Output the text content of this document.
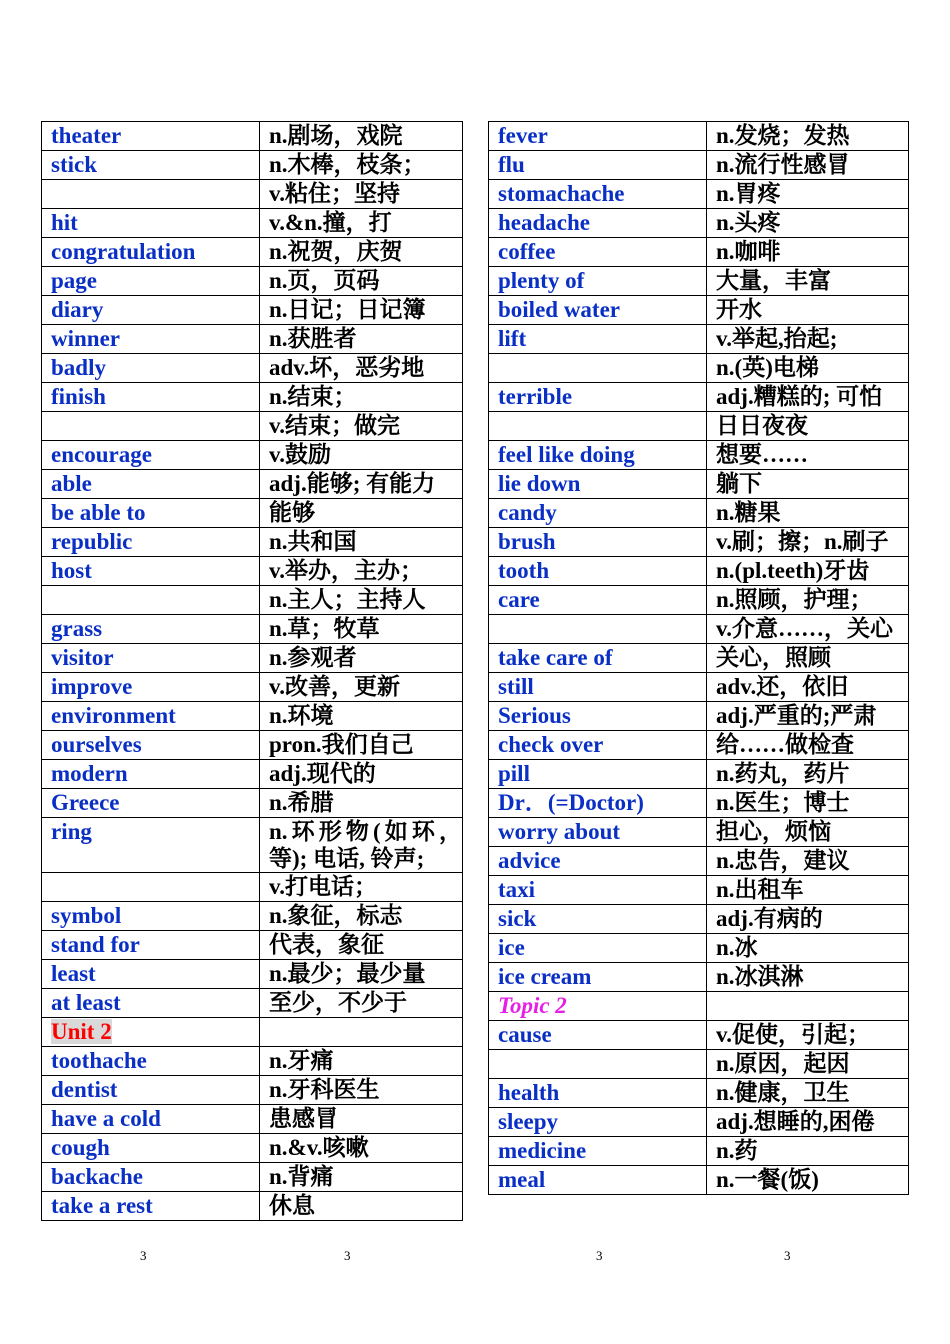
theater	n.剧场，戏院
stick	n.木棒，枝条；
	v.粘住；坚持
hit	v.&n.撞，打
congratulation	n.祝贺，庆贺
page	n.页，页码
diary	n.日记；日记簿
winner	n.获胜者
badly	adv.坏，恶劣地
finish	n.结束；
	v.结束；做完
encourage	v.鼓励
able	adj.能够; 有能力
be able to	能够
republic	n.共和国
host	v.举办，主办；
	n.主人；主持人
grass	n.草；牧草
visitor	n.参观者
improve	v.改善，更新
environment	n.环境
ourselves	pron.我们自己
modern	adj.现代的
Greece	n.希腊
ring	n.环形物(如环，等); 电话, 铃声;
	v.打电话；
symbol	n.象征，标志
stand for	代表，象征
least	n.最少；最少量
at least	至少，不少于
Unit 2	
toothache	n.牙痛
dentist	n.牙科医生
have a cold	患感冒
cough	n.&v.咳嗽
backache	n.背痛
take a rest	休息
fever	n.发烧；发热
flu	n.流行性感冒
stomachache	n.胃疼
headache	n.头疼
coffee	n.咖啡
plenty of	大量，丰富
boiled water	开水
lift	v.举起,抬起;
	n.(英)电梯
terrible	adj.糟糕的; 可怕
	日日夜夜
feel like doing	想要……
lie down	躺下
candy	n.糖果
brush	v.刷；擦；n.刷子
tooth	n.(pl.teeth)牙齿
care	n.照顾，护理；
	v.介意……，关心
take care of	关心，照顾
still	adv.还，依旧
Serious	adj.严重的;严肃
check over	给……做检查
pill	n.药丸，药片
Dr．(=Doctor)	n.医生；博士
worry about	担心，烦恼
advice	n.忠告，建议
taxi	n.出租车
sick	adj.有病的
ice	n.冰
ice cream	n.冰淇淋
Topic 2	
cause	v.促使，引起；
	n.原因，起因
health	n.健康，卫生
sleepy	adj.想睡的,困倦
medicine	n.药
meal	n.一餐(饭)
3	3	3	3
